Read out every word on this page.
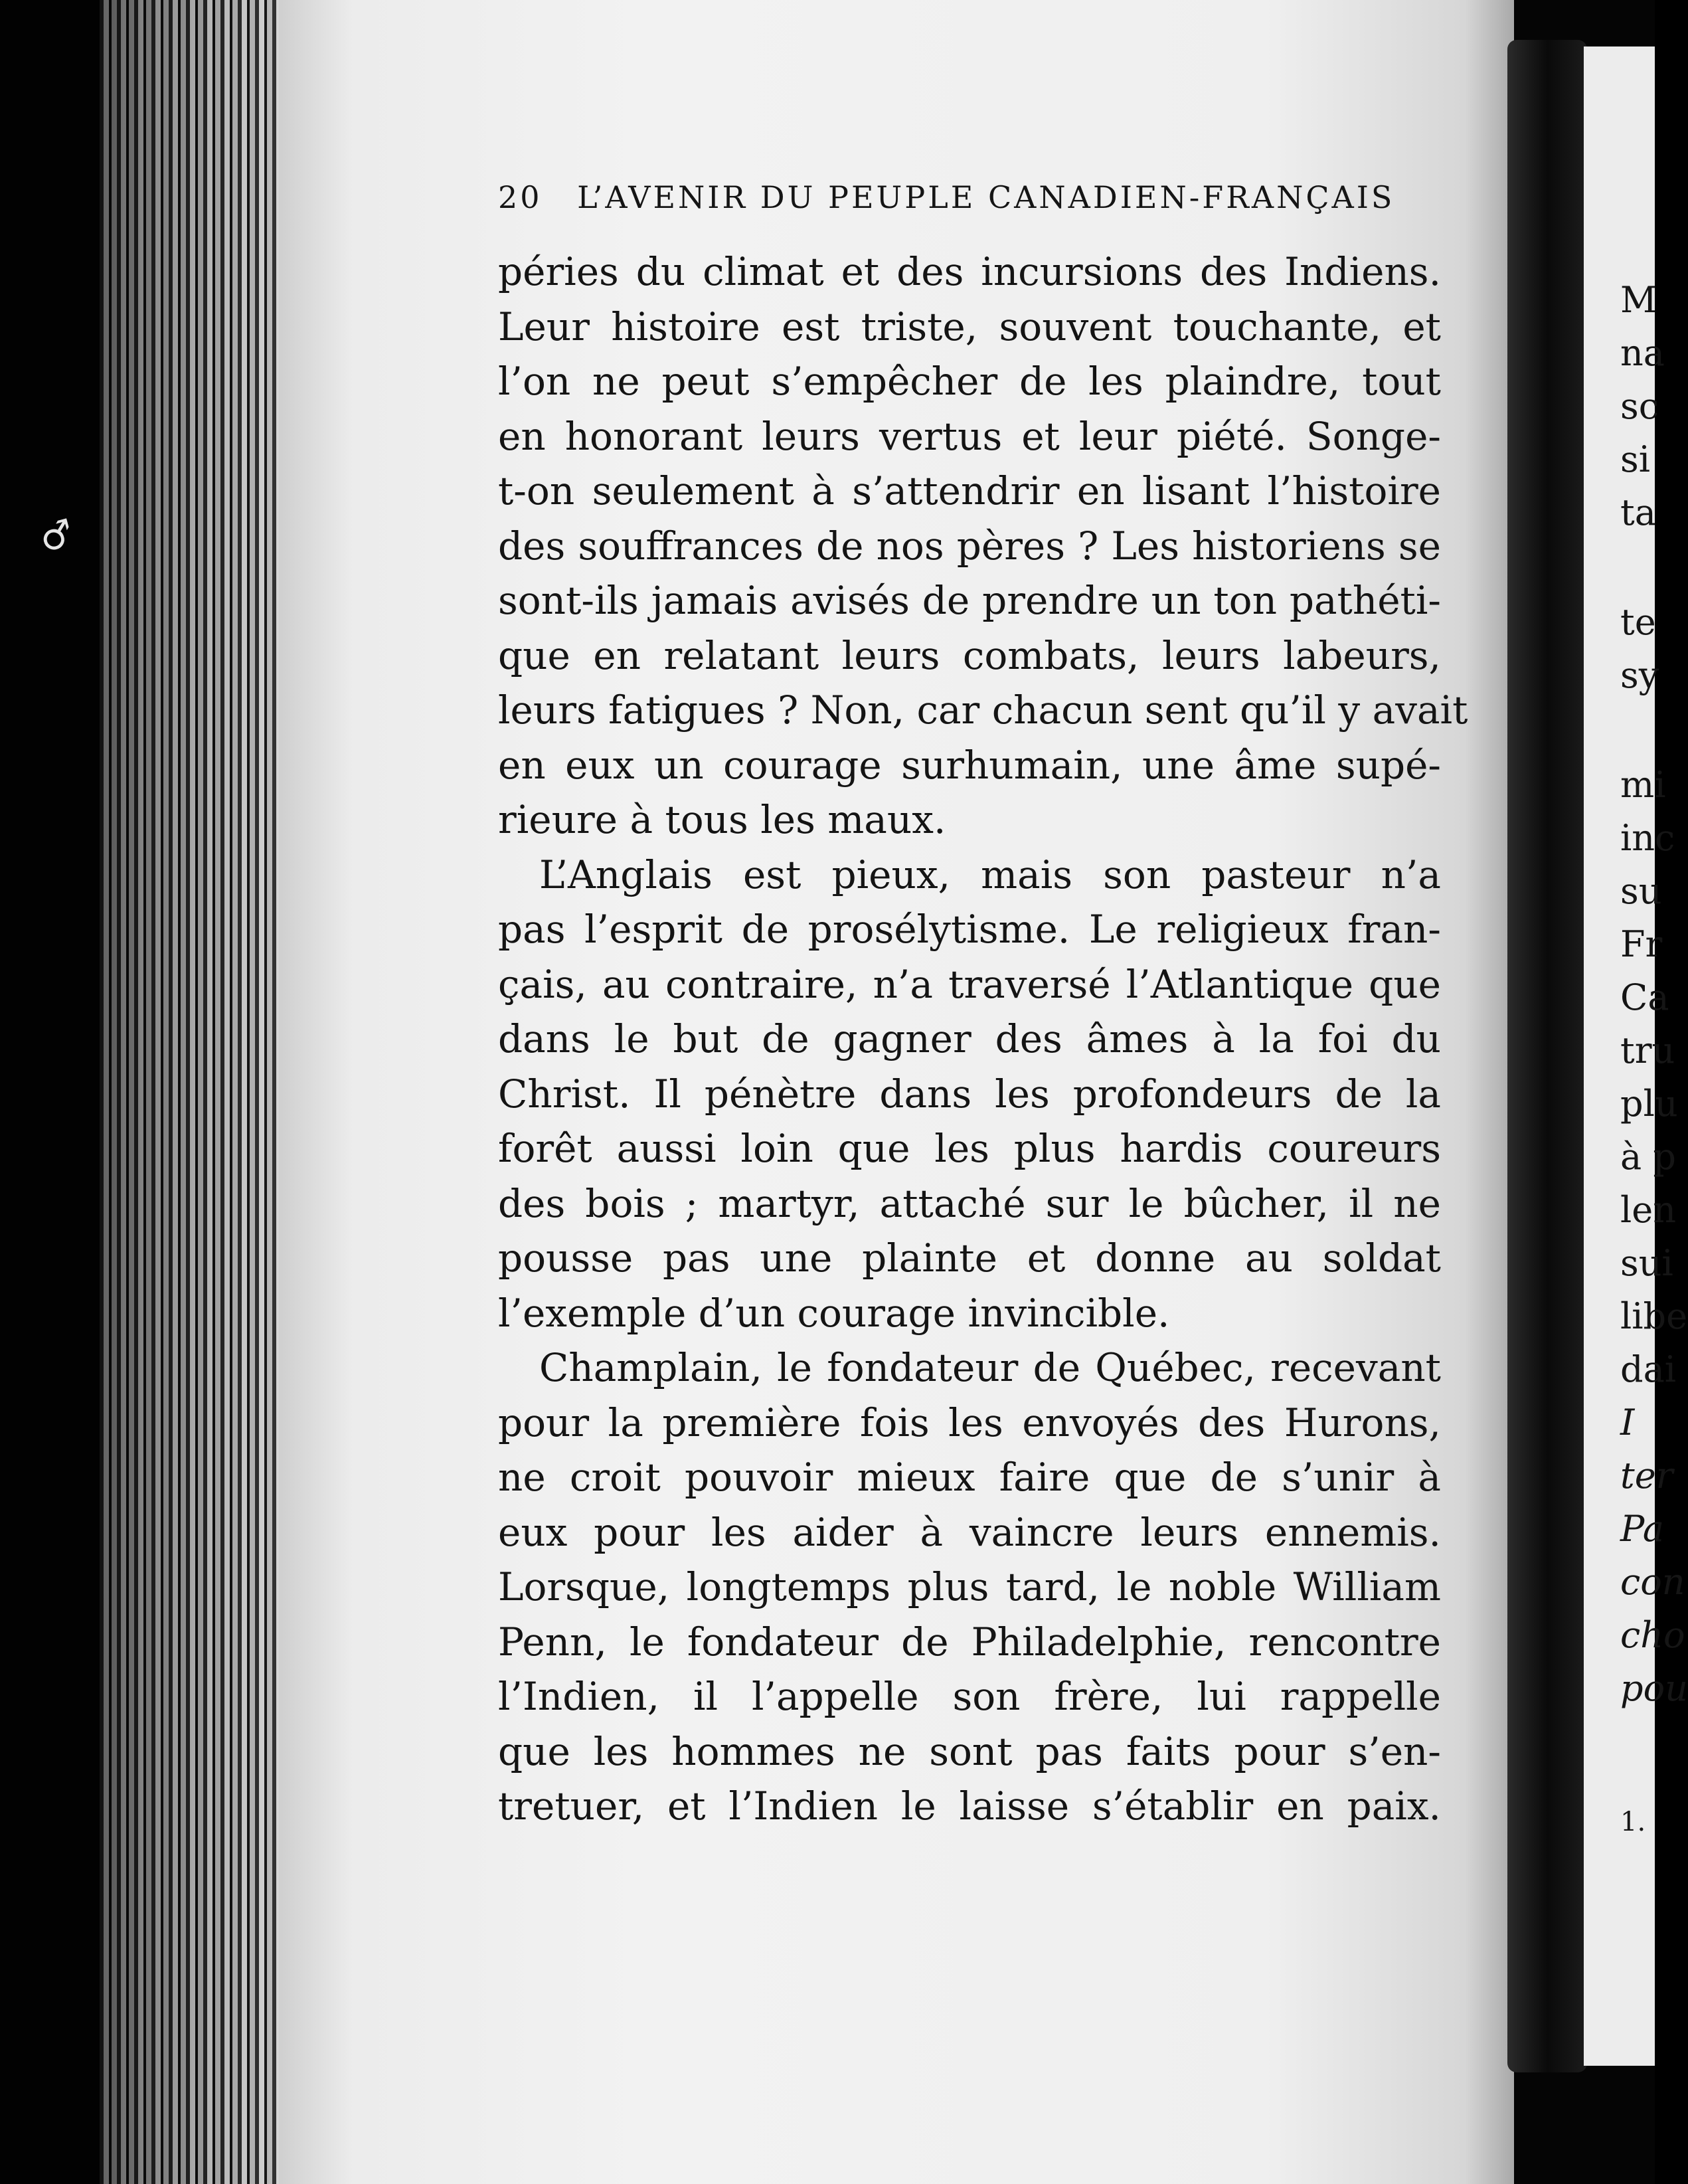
♂
20 L’AVENIR DU PEUPLE CANADIEN-FRANÇAIS
péries du climat et des incursions des Indiens.
Leur histoire est triste, souvent touchante, et
l’on ne peut s’empêcher de les plaindre, tout
en honorant leurs vertus et leur piété. Songe-
t-on seulement à s’attendrir en lisant l’histoire
des souffrances de nos pères ? Les historiens se
sont-ils jamais avisés de prendre un ton pathéti-
que en relatant leurs combats, leurs labeurs,
leurs fatigues ? Non, car chacun sent qu’il y avait
en eux un courage surhumain, une âme supé-
rieure à tous les maux.
L’Anglais est pieux, mais son pasteur n’a
pas l’esprit de prosélytisme. Le religieux fran-
çais, au contraire, n’a traversé l’Atlantique que
dans le but de gagner des âmes à la foi du
Christ. Il pénètre dans les profondeurs de la
forêt aussi loin que les plus hardis coureurs
des bois ; martyr, attaché sur le bûcher, il ne
pousse pas une plainte et donne au soldat
l’exemple d’un courage invincible.
Champlain, le fondateur de Québec, recevant
pour la première fois les envoyés des Hurons,
ne croit pouvoir mieux faire que de s’unir à
eux pour les aider à vaincre leurs ennemis.
Lorsque, longtemps plus tard, le noble William
Penn, le fondateur de Philadelphie, rencontre
l’Indien, il l’appelle son frère, lui rappelle
que les hommes ne sont pas faits pour s’en-
tretuer, et l’Indien le laisse s’établir en paix.
M
na
sc
si
ta
te
sy
mi
inc
su
Fr
Ca
tru
plu
à p
len
sui
libe
dai
I
ter
Pa
con
cho
pou
1.
